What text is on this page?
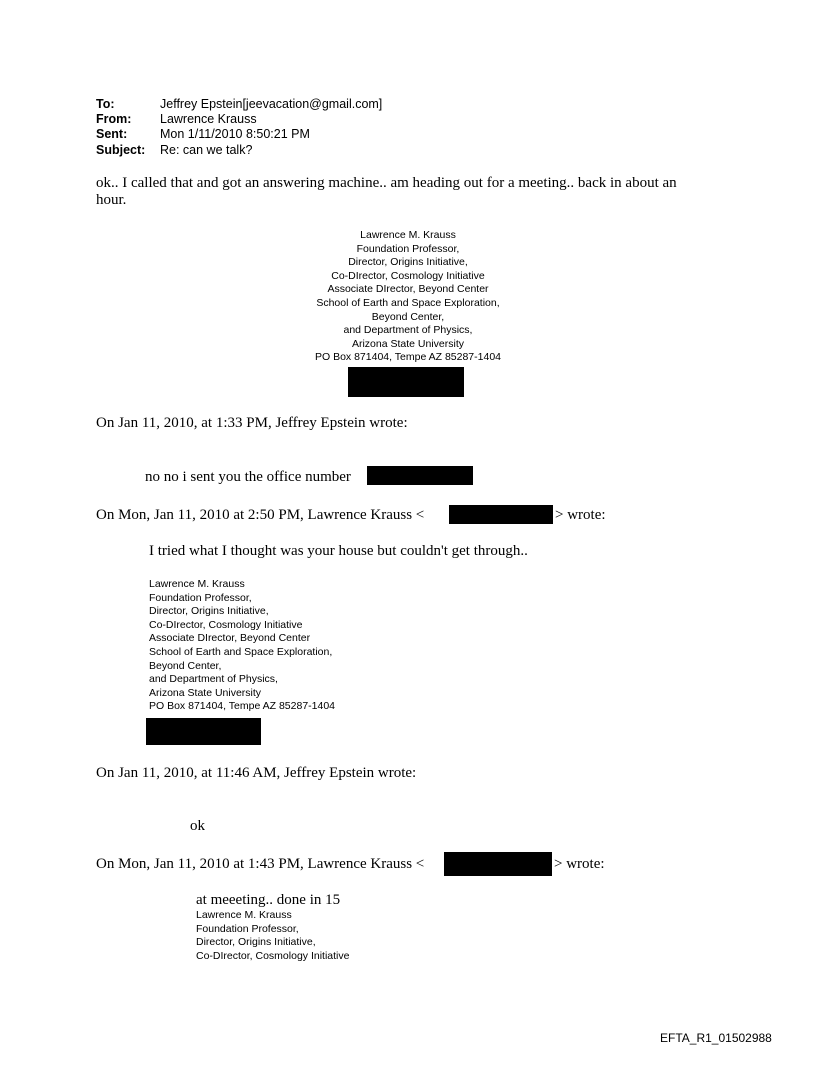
To:	Jeffrey Epstein[jeevacation@gmail.com]
From: Lawrence Krauss
Sent:	Mon 1/11/2010 8:50:21 PM
Subject: Re: can we talk?
ok.. I called that and got an answering machine.. am heading out for a meeting.. back in about an
hour.
Lawrence M. Krauss
Foundation Professor,
Director, Origins Initiative,
Co-DIrector, Cosmology Initiative
Associate DIrector, Beyond Center
School of Earth and Space Exploration,
Beyond Center,
and Department of Physics,
Arizona State University
PO Box 871404, Tempe AZ 85287-1404
On Jan 11, 2010, at 1:33 PM, Jeffrey Epstein wrote:
no no i sent you the office number
On Mon, Jan 11, 2010 at 2:50 PM, Lawrence Krauss <	> wrote:
I tried what I thought was your house but couldn't get through..
Lawrence M. Krauss
Foundation Professor,
Director, Origins Initiative,
Co-DIrector, Cosmology Initiative
Associate DIrector, Beyond Center
School of Earth and Space Exploration,
Beyond Center,
and Department of Physics,
Arizona State University
PO Box 871404, Tempe AZ 85287-1404
On Jan 11, 2010, at 11:46 AM, Jeffrey Epstein wrote:
ok
On Mon, Jan 11, 2010 at 1:43 PM, Lawrence Krauss <	> wrote:
at meeeting.. done in 15
Lawrence M. Krauss
Foundation Professor,
Director, Origins Initiative,
Co-DIrector, Cosmology Initiative
EFTA_R1_01502988
